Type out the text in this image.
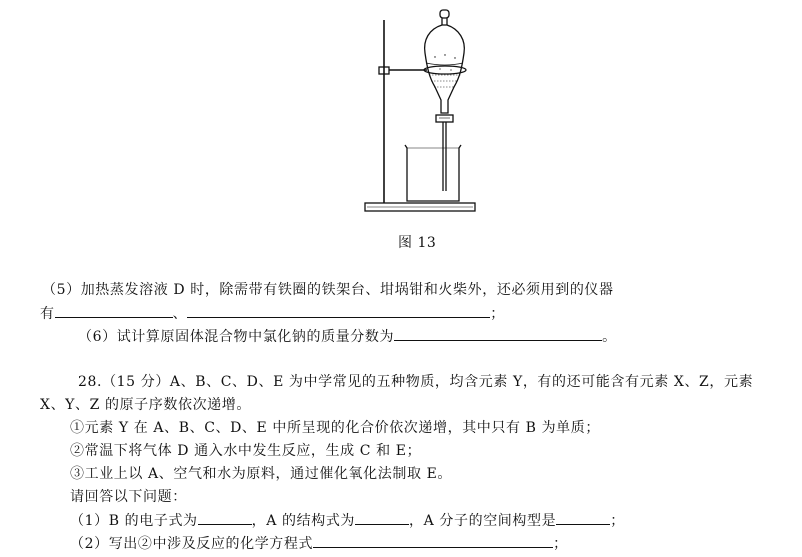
图 13
（5）加热蒸发溶液 D 时，除需带有铁圈的铁架台、坩埚钳和火柴外，还必须用到的仪器
有	、	；
（6）试计算原固体混合物中氯化钠的质量分数为	。
28.（15 分）A、B、C、D、E 为中学常见的五种物质，均含元素 Y，有的还可能含有元素 X、Z，元素
X、Y、Z 的原子序数依次递增。
①元素 Y 在 A、B、C、D、E 中所呈现的化合价依次递增，其中只有 B 为单质；
②常温下将气体 D 通入水中发生反应，生成 C 和 E；
③工业上以 A、空气和水为原料，通过催化氧化法制取 E。
请回答以下问题：
（1）B 的电子式为	，A 的结构式为	，A 分子的空间构型是	；
（2）写出②中涉及反应的化学方程式	；
